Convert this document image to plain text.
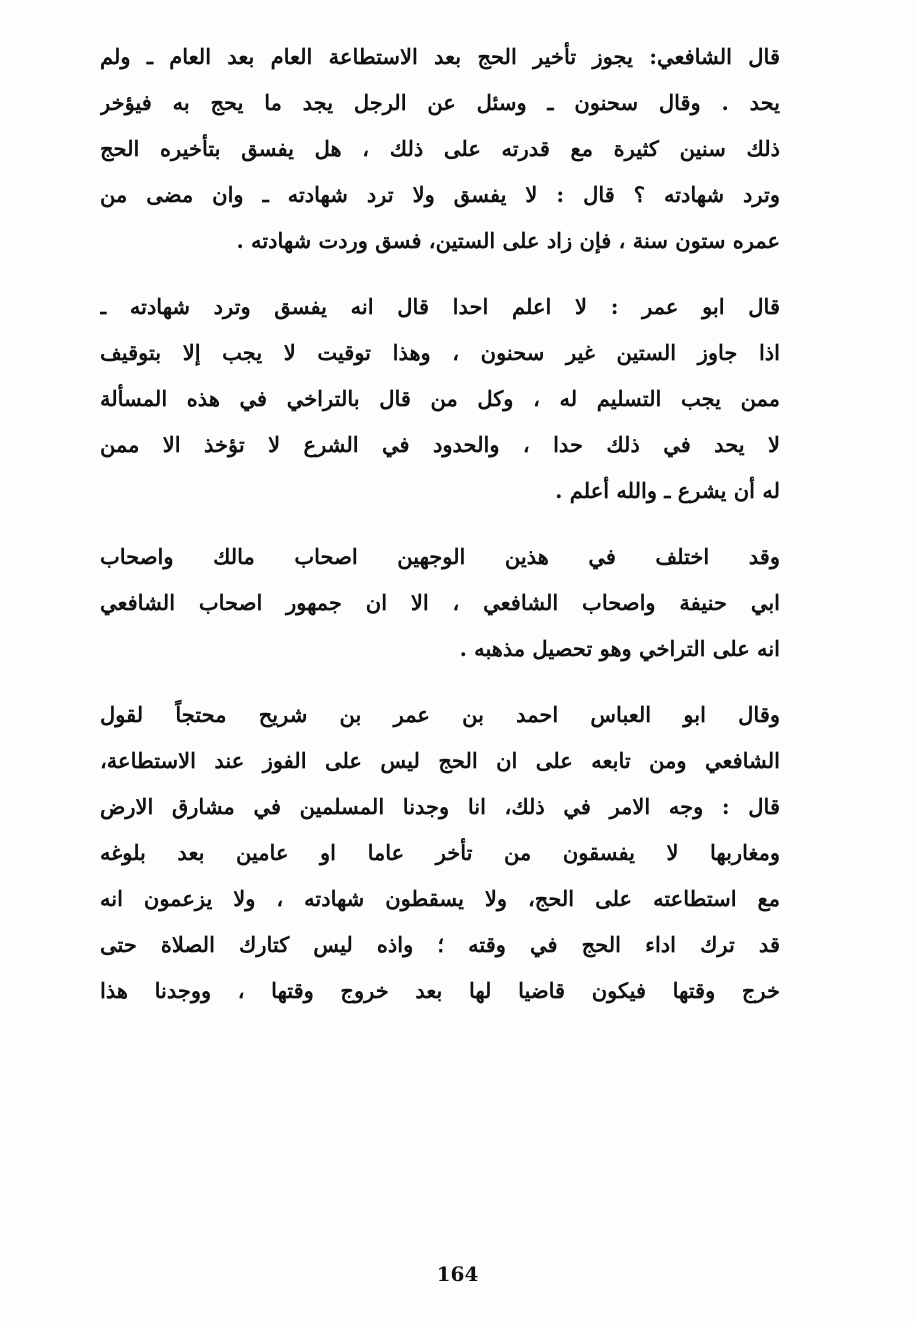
قال الشافعي: يجوز تأخير الحج بعد الاستطاعة العام بعد العام ـ ولم
يحد . وقال سحنون ـ وسئل عن الرجل يجد ما يحج به فيؤخر
ذلك سنين كثيرة مع قدرته على ذلك ، هل يفسق بتأخيره الحج
وترد شهادته ؟ قال : لا يفسق ولا ترد شهادته ـ وان مضى من
عمره ستون سنة ، فإن زاد على الستين، فسق وردت شهادته .

قال ابو عمر : لا اعلم احدا قال انه يفسق وترد شهادته ـ
اذا جاوز الستين غير سحنون ، وهذا توقيت لا يجب إلا بتوقيف
ممن يجب التسليم له ، وكل من قال بالتراخي في هذه المسألة
لا يحد في ذلك حدا ، والحدود في الشرع لا تؤخذ الا ممن
له أن يشرع ـ والله أعلم .

وقد اختلف في هذين الوجهين اصحاب مالك واصحاب
ابي حنيفة واصحاب الشافعي ، الا ان جمهور اصحاب الشافعي
انه على التراخي وهو تحصيل مذهبه .

وقال ابو العباس احمد بن عمر بن شريح محتجاً لقول
الشافعي ومن تابعه على ان الحج ليس على الفوز عند الاستطاعة،
قال : وجه الامر في ذلك، انا وجدنا المسلمين في مشارق الارض
ومغاربها لا يفسقون من تأخر عاما او عامين بعد بلوغه
مع استطاعته على الحج، ولا يسقطون شهادته ، ولا يزعمون انه
قد ترك اداء الحج في وقته ؛ واذه ليس كتارك الصلاة حتى
خرج وقتها فيكون قاضيا لها بعد خروج وقتها ، ووجدنا هذا

164
